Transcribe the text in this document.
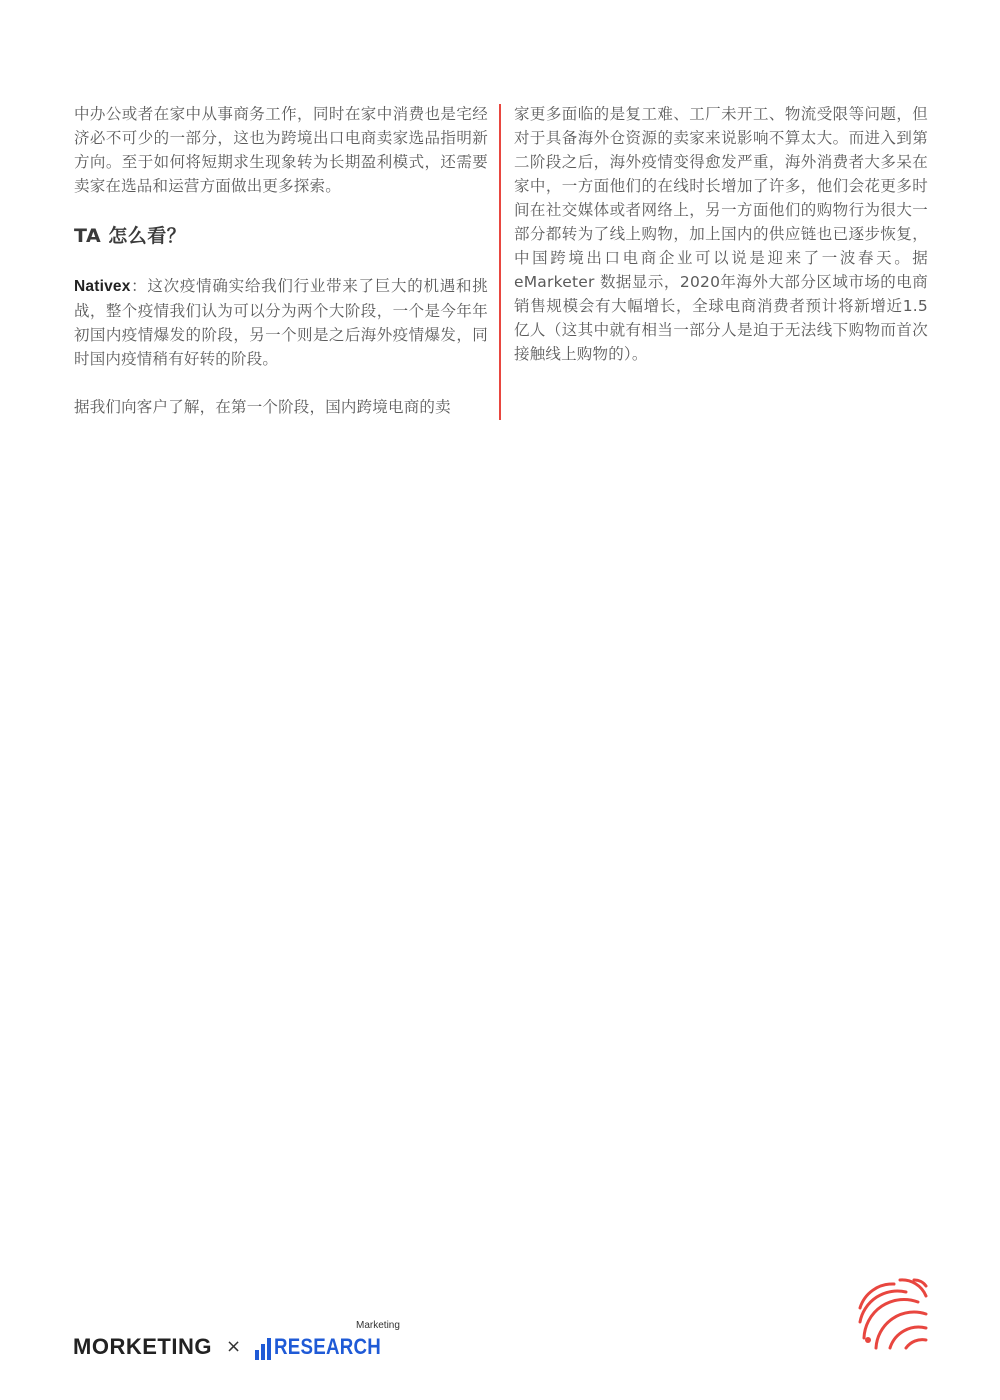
中办公或者在家中从事商务工作，同时在家中消费也是宅经济必不可少的一部分，这也为跨境出口电商卖家选品指明新方向。至于如何将短期求生现象转为长期盈利模式，还需要卖家在选品和运营方面做出更多探索。

TA 怎么看？

Nativex：这次疫情确实给我们行业带来了巨大的机遇和挑战，整个疫情我们认为可以分为两个大阶段，一个是今年年初国内疫情爆发的阶段，另一个则是之后海外疫情爆发，同时国内疫情稍有好转的阶段。

据我们向客户了解，在第一个阶段，国内跨境电商的卖

家更多面临的是复工难、工厂未开工、物流受限等问题，但对于具备海外仓资源的卖家来说影响不算太大。而进入到第二阶段之后，海外疫情变得愈发严重，海外消费者大多呆在家中，一方面他们的在线时长增加了许多，他们会花更多时间在社交媒体或者网络上，另一方面他们的购物行为很大一部分都转为了线上购物，加上国内的供应链也已逐步恢复，中国跨境出口电商企业可以说是迎来了一波春天。据 eMarketer 数据显示，2020年海外大部分区域市场的电商销售规模会有大幅增长，全球电商消费者预计将新增近1.5亿人（这其中就有相当一部分人是迫于无法线下购物而首次接触线上购物的）。

MORKETING ×
Marketing
RESEARCH
